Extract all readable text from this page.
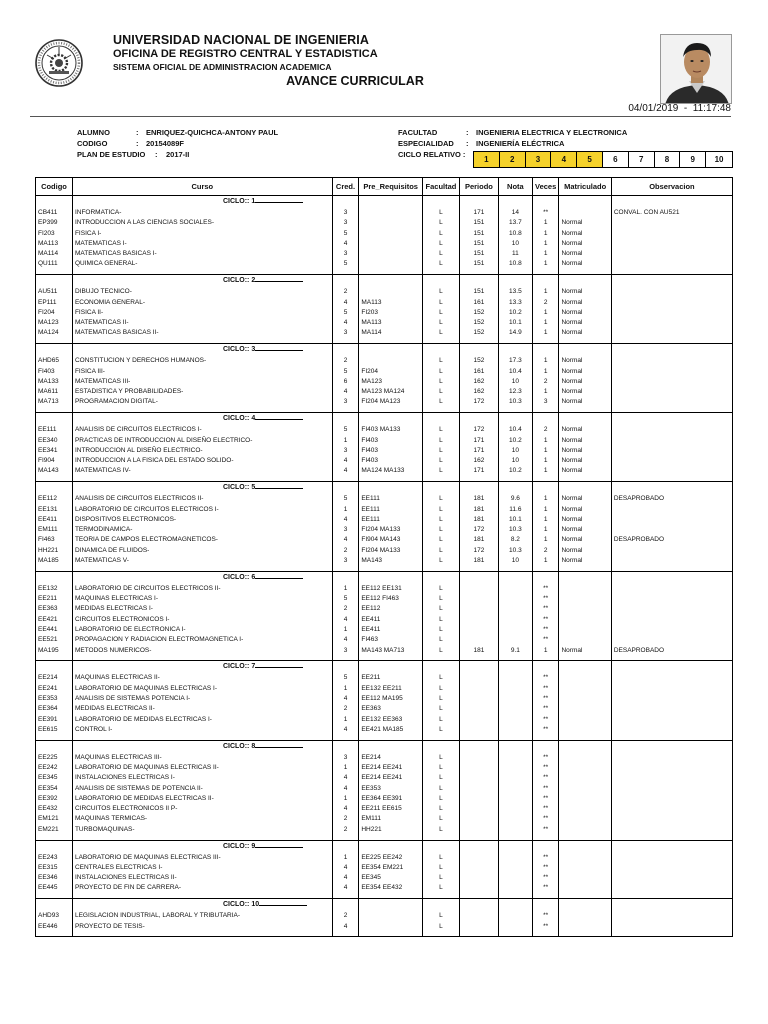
UNIVERSIDAD NACIONAL DE INGENIERIA
OFICINA DE REGISTRO CENTRAL Y ESTADISTICA
SISTEMA OFICIAL DE ADMINISTRACION ACADEMICA
AVANCE CURRICULAR
04/01/2019  -  11:17:48
ALUMNO	: ENRIQUEZ-QUICHCA-ANTONY PAUL
CODIGO	: 20154089F
PLAN DE ESTUDIO : 2017-II
FACULTAD	: INGENIERIA ELECTRICA Y ELECTRONICA
ESPECIALIDAD : INGENIERÍA ELÉCTRICA
CICLO RELATIVO :
1	2	3	4	5	6	7	8	9	10
Codigo	Curso	Cred.	Pre_Requisitos	Facultad	Periodo	Nota	Veces	Matriculado	Observacion
	CICLO:: 1								
CB411	INFORMATICA-	3		L	171	14	**		CONVAL. CON AU521
EP399	INTRODUCCION A LAS CIENCIAS SOCIALES-	3		L	151	13.7	1	Normal	
FI203	FISICA I-	5		L	151	10.8	1	Normal	
MA113	MATEMATICAS I-	4		L	151	10	1	Normal	
MA114	MATEMATICAS BASICAS I-	3		L	151	11	1	Normal	
QU111	QUIMICA GENERAL-	5		L	151	10.8	1	Normal	

	CICLO:: 2								
AU511	DIBUJO TECNICO-	2		L	151	13.5	1	Normal	
EP111	ECONOMIA GENERAL-	4	MA113	L	161	13.3	2	Normal	
FI204	FISICA II-	5	FI203	L	152	10.2	1	Normal	
MA123	MATEMATICAS II-	4	MA113	L	152	10.1	1	Normal	
MA124	MATEMATICAS BASICAS II-	3	MA114	L	152	14.9	1	Normal	

	CICLO:: 3								
AHD65	CONSTITUCION Y DERECHOS HUMANOS-	2		L	152	17.3	1	Normal	
FI403	FISICA III-	5	FI204	L	161	10.4	1	Normal	
MA133	MATEMATICAS III-	6	MA123	L	162	10	2	Normal	
MA611	ESTADISTICA Y PROBABILIDADES-	4	MA123 MA124	L	162	12.3	1	Normal	
MA713	PROGRAMACION DIGITAL-	3	FI204 MA123	L	172	10.3	3	Normal	

	CICLO:: 4								
EE111	ANALISIS DE CIRCUITOS ELECTRICOS I-	5	FI403 MA133	L	172	10.4	2	Normal	
EE340	PRACTICAS DE INTRODUCCION AL DISEÑO ELECTRICO-	1	FI403	L	171	10.2	1	Normal	
EE341	INTRODUCCION AL DISEÑO ELECTRICO-	3	FI403	L	171	10	1	Normal	
FI904	INTRODUCCION A LA FISICA DEL ESTADO SOLIDO-	4	FI403	L	162	10	1	Normal	
MA143	MATEMATICAS IV-	4	MA124 MA133	L	171	10.2	1	Normal	

	CICLO:: 5								
EE112	ANALISIS DE CIRCUITOS ELECTRICOS II-	5	EE111	L	181	9.6	1	Normal	DESAPROBADO
EE131	LABORATORIO DE CIRCUITOS ELECTRICOS I-	1	EE111	L	181	11.6	1	Normal	
EE411	DISPOSITIVOS ELECTRONICOS-	4	EE111	L	181	10.1	1	Normal	
EM111	TERMODINAMICA-	3	FI204 MA133	L	172	10.3	1	Normal	
FI463	TEORIA DE CAMPOS ELECTROMAGNETICOS-	4	FI904 MA143	L	181	8.2	1	Normal	DESAPROBADO
HH221	DINAMICA DE FLUIDOS-	2	FI204 MA133	L	172	10.3	2	Normal	
MA185	MATEMATICAS V-	3	MA143	L	181	10	1	Normal	

	CICLO:: 6								
EE132	LABORATORIO DE CIRCUITOS ELECTRICOS II-	1	EE112 EE131	L			**		
EE211	MAQUINAS ELECTRICAS I-	5	EE112 FI463	L			**		
EE363	MEDIDAS ELECTRICAS I-	2	EE112	L			**		
EE421	CIRCUITOS ELECTRONICOS I-	4	EE411	L			**		
EE441	LABORATORIO DE ELECTRONICA I-	1	EE411	L			**		
EE521	PROPAGACION Y RADIACION ELECTROMAGNETICA I-	4	FI463	L			**		
MA195	METODOS NUMERICOS-	3	MA143 MA713	L	181	9.1	1	Normal	DESAPROBADO

	CICLO:: 7								
EE214	MAQUINAS ELECTRICAS II-	5	EE211	L			**		
EE241	LABORATORIO DE MAQUINAS ELECTRICAS I-	1	EE132 EE211	L			**		
EE353	ANALISIS DE SISTEMAS POTENCIA I-	4	EE112 MA195	L			**		
EE364	MEDIDAS ELECTRICAS II-	2	EE363	L			**		
EE391	LABORATORIO DE MEDIDAS ELECTRICAS I-	1	EE132 EE363	L			**		
EE615	CONTROL I-	4	EE421 MA185	L			**		

	CICLO:: 8								
EE225	MAQUINAS ELECTRICAS III-	3	EE214	L			**		
EE242	LABORATORIO DE MAQUINAS ELECTRICAS II-	1	EE214 EE241	L			**		
EE345	INSTALACIONES ELECTRICAS I-	4	EE214 EE241	L			**		
EE354	ANALISIS DE SISTEMAS DE POTENCIA II-	4	EE353	L			**		
EE392	LABORATORIO DE MEDIDAS ELECTRICAS II-	1	EE364 EE391	L			**		
EE432	CIRCUITOS ELECTRONICOS II P-	4	EE211 EE615	L			**		
EM121	MAQUINAS TERMICAS-	2	EM111	L			**		
EM221	TURBOMAQUINAS-	2	HH221	L			**		

	CICLO:: 9								
EE243	LABORATORIO DE MAQUINAS ELECTRICAS III-	1	EE225 EE242	L			**		
EE315	CENTRALES ELECTRICAS I-	4	EE354 EM221	L			**		
EE346	INSTALACIONES ELECTRICAS II-	4	EE345	L			**		
EE445	PROYECTO DE FIN DE CARRERA-	4	EE354 EE432	L			**		

	CICLO:: 10								
AHD93	LEGISLACION INDUSTRIAL, LABORAL Y TRIBUTARIA-	2		L			**		
EE446	PROYECTO DE TESIS-	4		L			**		
